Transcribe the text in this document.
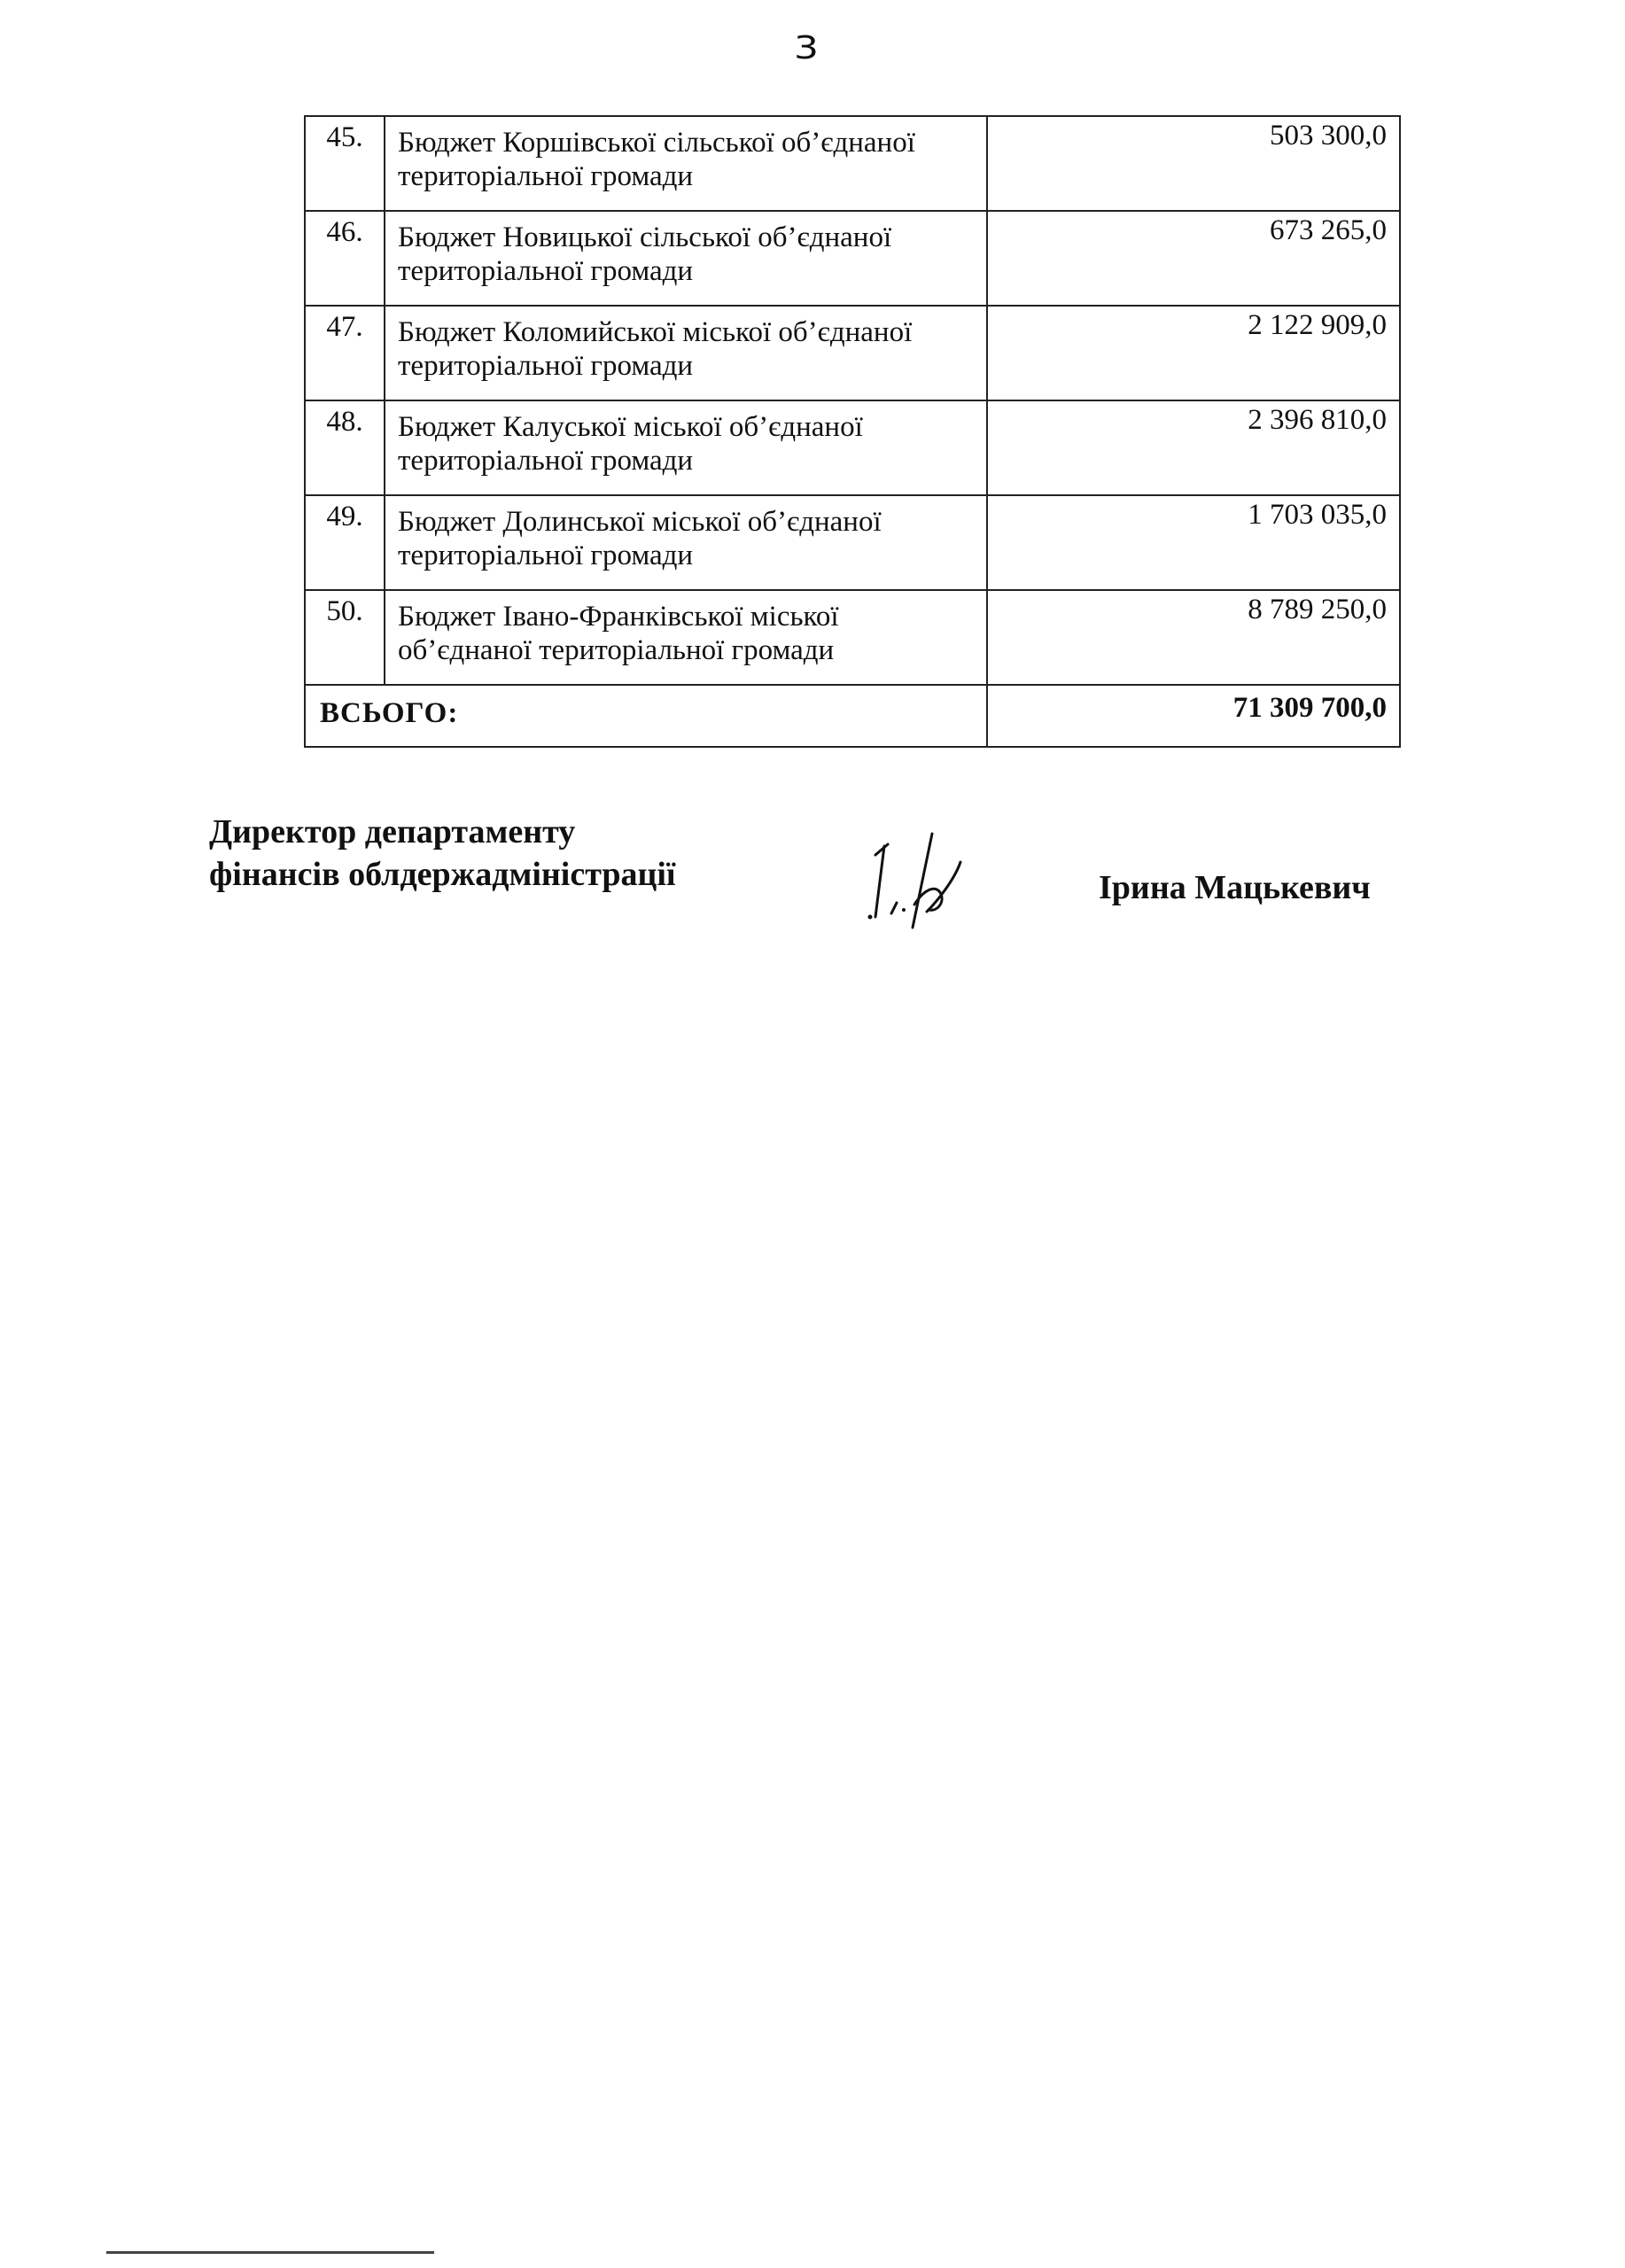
3
45.	Бюджет Коршівської сільської об’єднаної територіальної громади	503 300,0
46.	Бюджет Новицької сільської об’єднаної територіальної громади	673 265,0
47.	Бюджет Коломийської міської об’єднаної територіальної громади	2 122 909,0
48.	Бюджет Калуської міської об’єднаної територіальної громади	2 396 810,0
49.	Бюджет Долинської міської об’єднаної територіальної громади	1 703 035,0
50.	Бюджет Івано-Франківської міської об’єднаної територіальної громади	8 789 250,0
ВСЬОГО:		71 309 700,0
Директор департаменту
фінансів облдержадміністрації	Ірина Мацькевич
